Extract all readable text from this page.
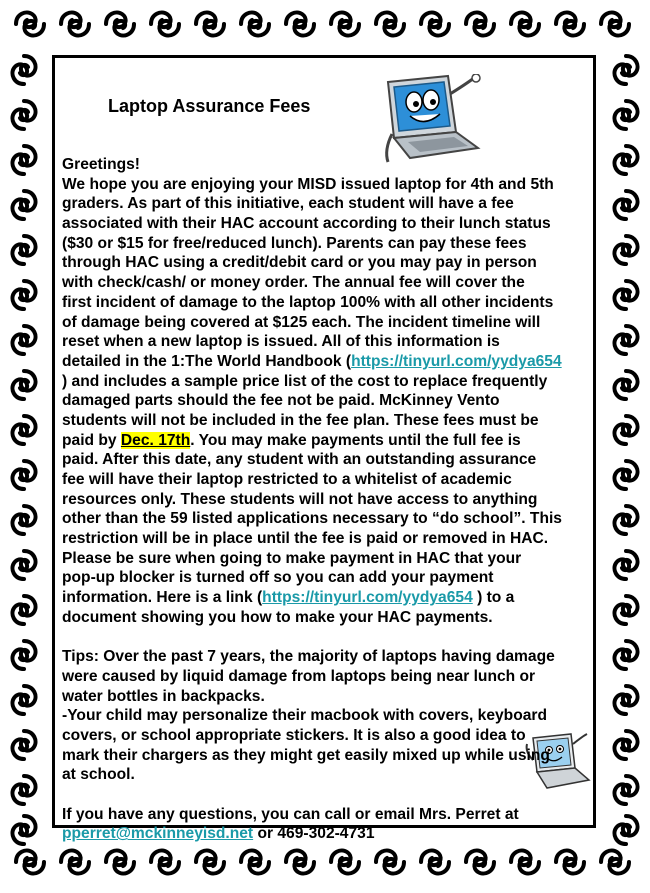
Laptop Assurance Fees
Greetings!
We hope you are enjoying your MISD issued laptop for 4th and 5th
graders. As part of this initiative, each student will have a fee
associated with their HAC account according to their lunch status
($30 or $15 for free/reduced lunch). Parents can pay these fees
through HAC using a credit/debit card or you may pay in person
with check/cash/ or money order. The annual fee will cover the
first incident of damage to the laptop 100% with all other incidents
of damage being covered at $125 each. The incident timeline will
reset when a new laptop is issued. All of this information is
detailed in the 1:The World Handbook (https://tinyurl.com/yydya654
) and includes a sample price list of the cost to replace frequently
damaged parts should the fee not be paid. McKinney Vento
students will not be included in the fee plan. These fees must be
paid by Dec. 17th. You may make payments until the full fee is
paid. After this date, any student with an outstanding assurance
fee will have their laptop restricted to a whitelist of academic
resources only. These students will not have access to anything
other than the 59 listed applications necessary to “do school”. This
restriction will be in place until the fee is paid or removed in HAC.
Please be sure when going to make payment in HAC that your
pop-up blocker is turned off so you can add your payment
information. Here is a link (https://tinyurl.com/yydya654 ) to a
document showing you how to make your HAC payments.
Tips: Over the past 7 years, the majority of laptops having damage
were caused by liquid damage from laptops being near lunch or
water bottles in backpacks.
-Your child may personalize their macbook with covers, keyboard
covers, or school appropriate stickers. It is also a good idea to
mark their chargers as they might get easily mixed up while using
at school.
If you have any questions, you can call or email Mrs. Perret at
pperret@mckinneyisd.net or 469-302-4731
